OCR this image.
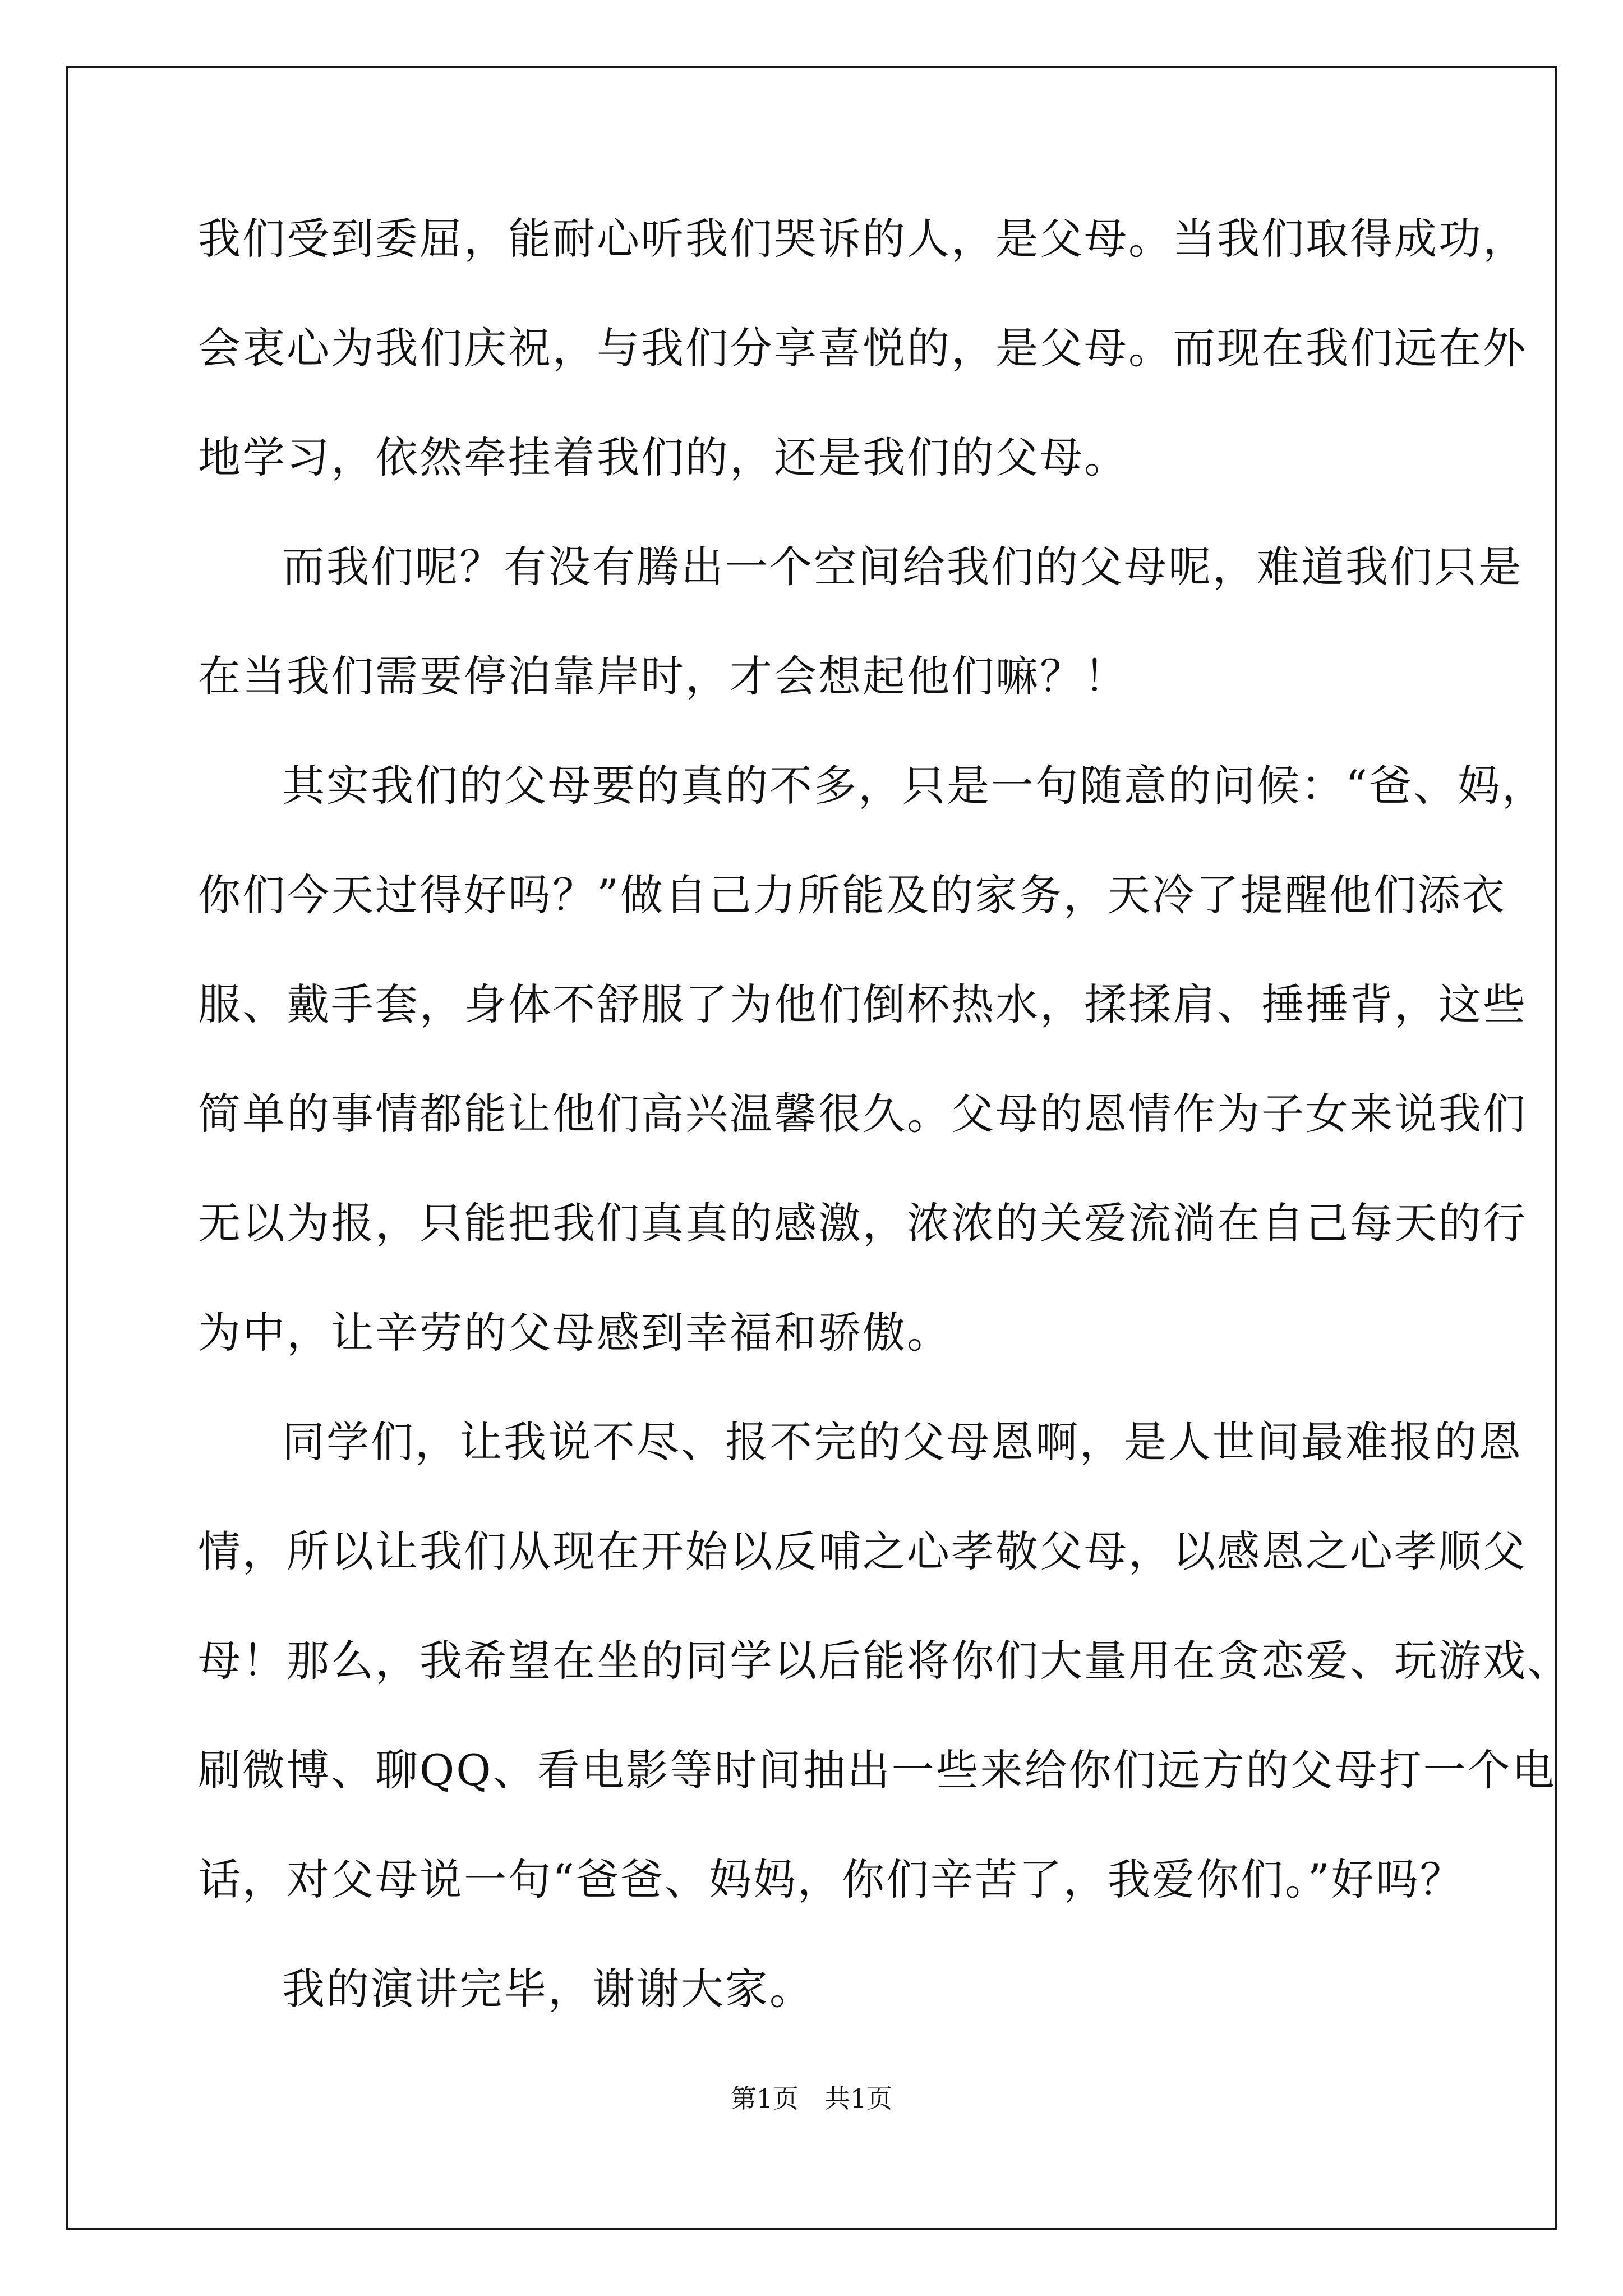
我们受到委屈，能耐心听我们哭诉的人，是父母。当我们取得成功，
会衷心为我们庆祝，与我们分享喜悦的，是父母。而现在我们远在外
地学习，依然牵挂着我们的，还是我们的父母。
而我们呢？有没有腾出一个空间给我们的父母呢，难道我们只是
在当我们需要停泊靠岸时，才会想起他们嘛？！
其实我们的父母要的真的不多，只是一句随意的问候：“爸、妈，
你们今天过得好吗？”做自己力所能及的家务，天冷了提醒他们添衣
服、戴手套，身体不舒服了为他们倒杯热水，揉揉肩、捶捶背，这些
简单的事情都能让他们高兴温馨很久。父母的恩情作为子女来说我们
无以为报，只能把我们真真的感激，浓浓的关爱流淌在自己每天的行
为中，让辛劳的父母感到幸福和骄傲。
同学们，让我说不尽、报不完的父母恩啊，是人世间最难报的恩
情，所以让我们从现在开始以反哺之心孝敬父母，以感恩之心孝顺父
母！那么，我希望在坐的同学以后能将你们大量用在贪恋爱、玩游戏、
刷微博、聊QQ、看电影等时间抽出一些来给你们远方的父母打一个电
话，对父母说一句“爸爸、妈妈，你们辛苦了，我爱你们。”好吗？
我的演讲完毕，谢谢大家。
第1页　共1页
